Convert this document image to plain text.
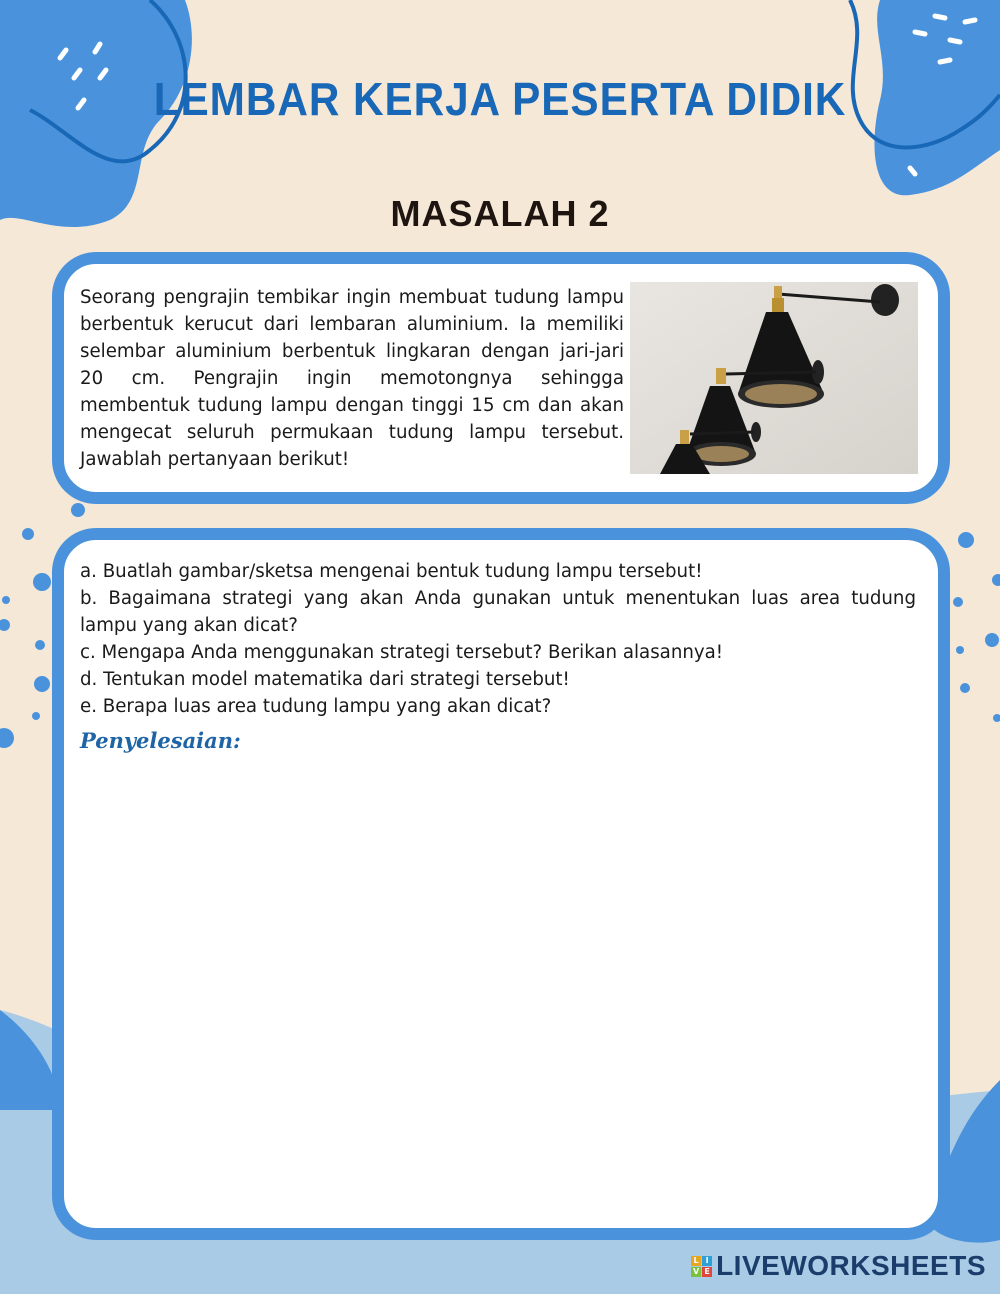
LEMBAR KERJA PESERTA DIDIK
MASALAH 2

Seorang pengrajin tembikar ingin membuat tudung lampu berbentuk kerucut dari lembaran aluminium. Ia memiliki selembar aluminium berbentuk lingkaran dengan jari-jari 20 cm. Pengrajin ingin memotongnya sehingga membentuk tudung lampu dengan tinggi 15 cm dan akan mengecat seluruh permukaan tudung lampu tersebut. Jawablah pertanyaan berikut!

a. Buatlah gambar/sketsa mengenai bentuk tudung lampu tersebut!
b. Bagaimana strategi yang akan Anda gunakan untuk menentukan luas area tudung lampu yang akan dicat?
c. Mengapa Anda menggunakan strategi tersebut? Berikan alasannya!
d. Tentukan model matematika dari strategi tersebut!
e. Berapa luas area tudung lampu yang akan dicat?

Penyelesaian:

L I
V E LIVEWORKSHEETS
